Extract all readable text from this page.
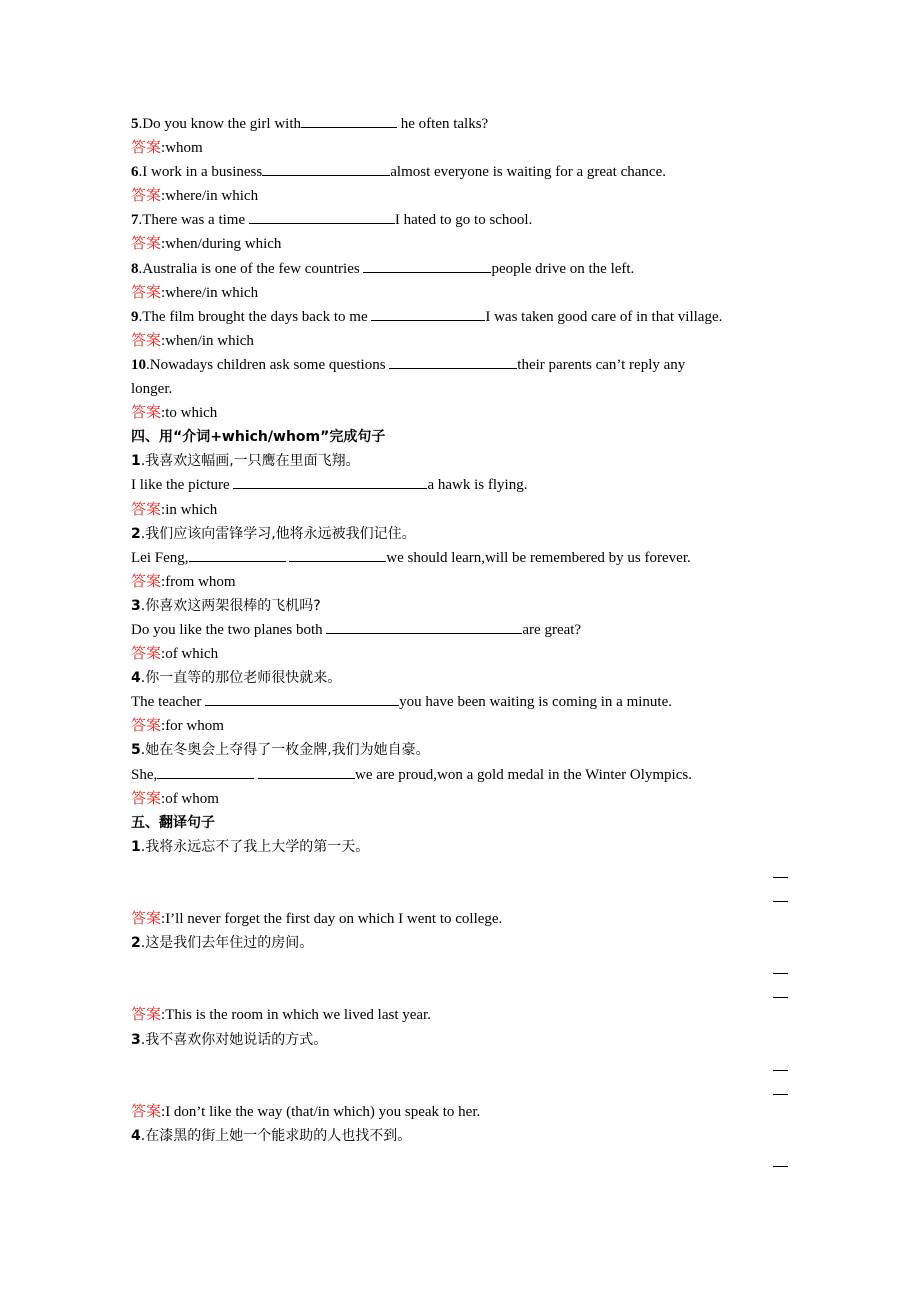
5.Do you know the girl with	he often talks?
答案:whom
6.I work in a business	almost everyone is waiting for a great chance.
答案:where/in which
7.There was a time	I hated to go to school.
答案:when/during which
8.Australia is one of the few countries	people drive on the left.
答案:where/in which
9.The film brought the days back to me	I was taken good care of in that village.
答案:when/in which
10.Nowadays children ask some questions	their parents can’t reply any
longer.
答案:to which
四、用“介词+which/whom”完成句子
1.我喜欢这幅画,一只鹰在里面飞翔。
I like the picture	a hawk is flying.
答案:in which
2.我们应该向雷锋学习,他将永远被我们记住。
Lei Feng,	we should learn,will be remembered by us forever.
答案:from whom
3.你喜欢这两架很棒的飞机吗?
Do you like the two planes both	are great?
答案:of which
4.你一直等的那位老师很快就来。
The teacher	you have been waiting is coming in a minute.
答案:for whom
5.她在冬奥会上夺得了一枚金牌,我们为她自豪。
She,	we are proud,won a gold medal in the Winter Olympics.
答案:of whom
五、翻译句子
1.我将永远忘不了我上大学的第一天。
答案:I’ll never forget the first day on which I went to college.
2.这是我们去年住过的房间。
答案:This is the room in which we lived last year.
3.我不喜欢你对她说话的方式。
答案:I don’t like the way (that/in which) you speak to her.
4.在漆黑的街上她一个能求助的人也找不到。
